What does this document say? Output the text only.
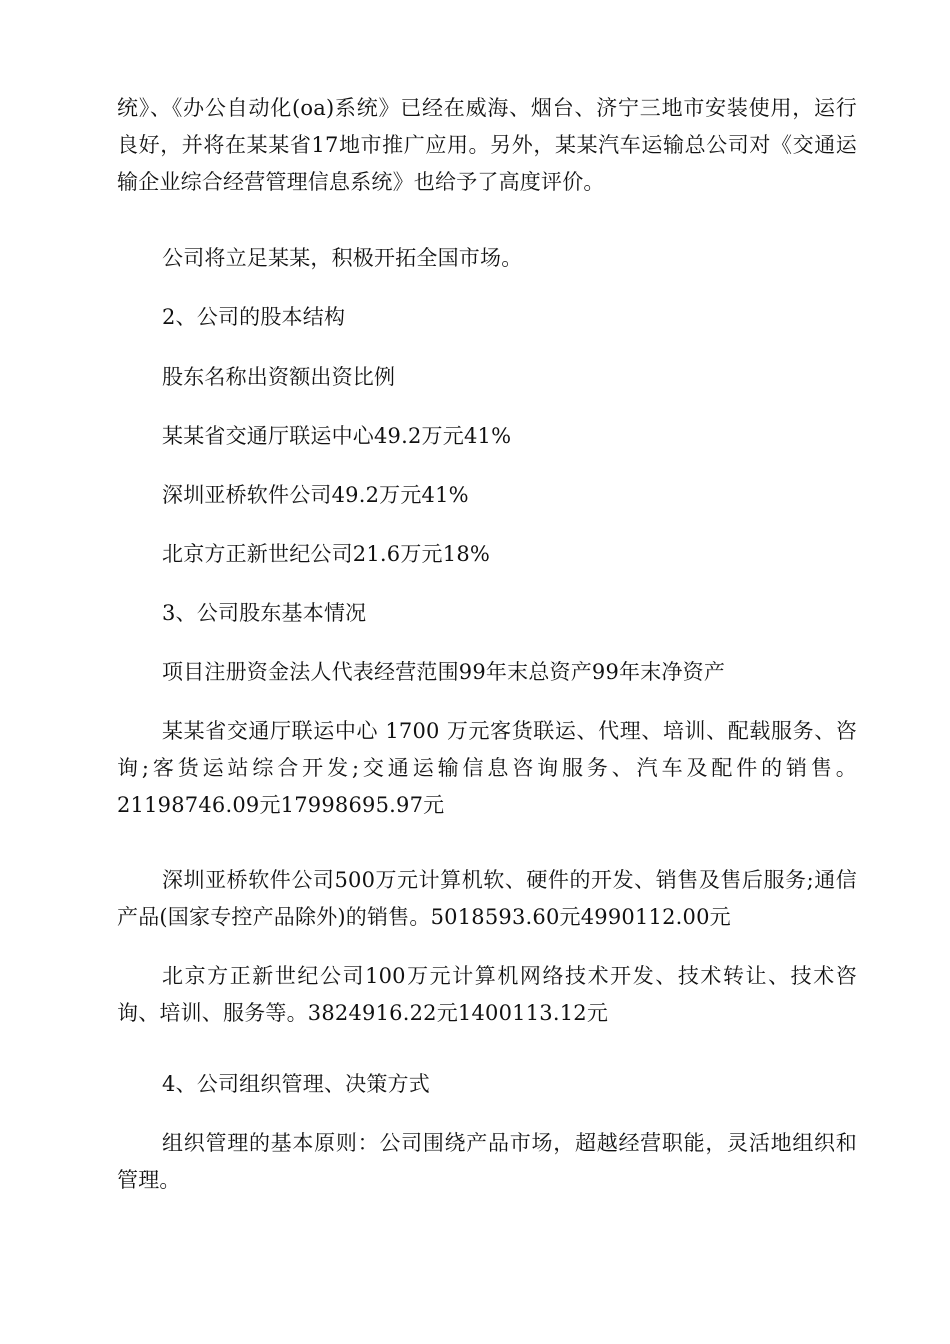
统》、《办公自动化(oa)系统》已经在威海、烟台、济宁三地市安装使用，运行良好，并将在某某省17地市推广应用。另外，某某汽车运输总公司对《交通运输企业综合经营管理信息系统》也给予了高度评价。

公司将立足某某，积极开拓全国市场。

2、公司的股本结构

股东名称出资额出资比例

某某省交通厅联运中心49.2万元41%

深圳亚桥软件公司49.2万元41%

北京方正新世纪公司21.6万元18%

3、公司股东基本情况

项目注册资金法人代表经营范围99年末总资产99年末净资产

某某省交通厅联运中心 1700 万元客货联运、代理、培训、配载服务、咨询;客货运站综合开发;交通运输信息咨询服务、汽车及配件的销售。21198746.09元17998695.97元

深圳亚桥软件公司500万元计算机软、硬件的开发、销售及售后服务;通信产品(国家专控产品除外)的销售。5018593.60元4990112.00元

北京方正新世纪公司100万元计算机网络技术开发、技术转让、技术咨询、培训、服务等。3824916.22元1400113.12元

4、公司组织管理、决策方式

组织管理的基本原则：公司围绕产品市场，超越经营职能，灵活地组织和管理。
